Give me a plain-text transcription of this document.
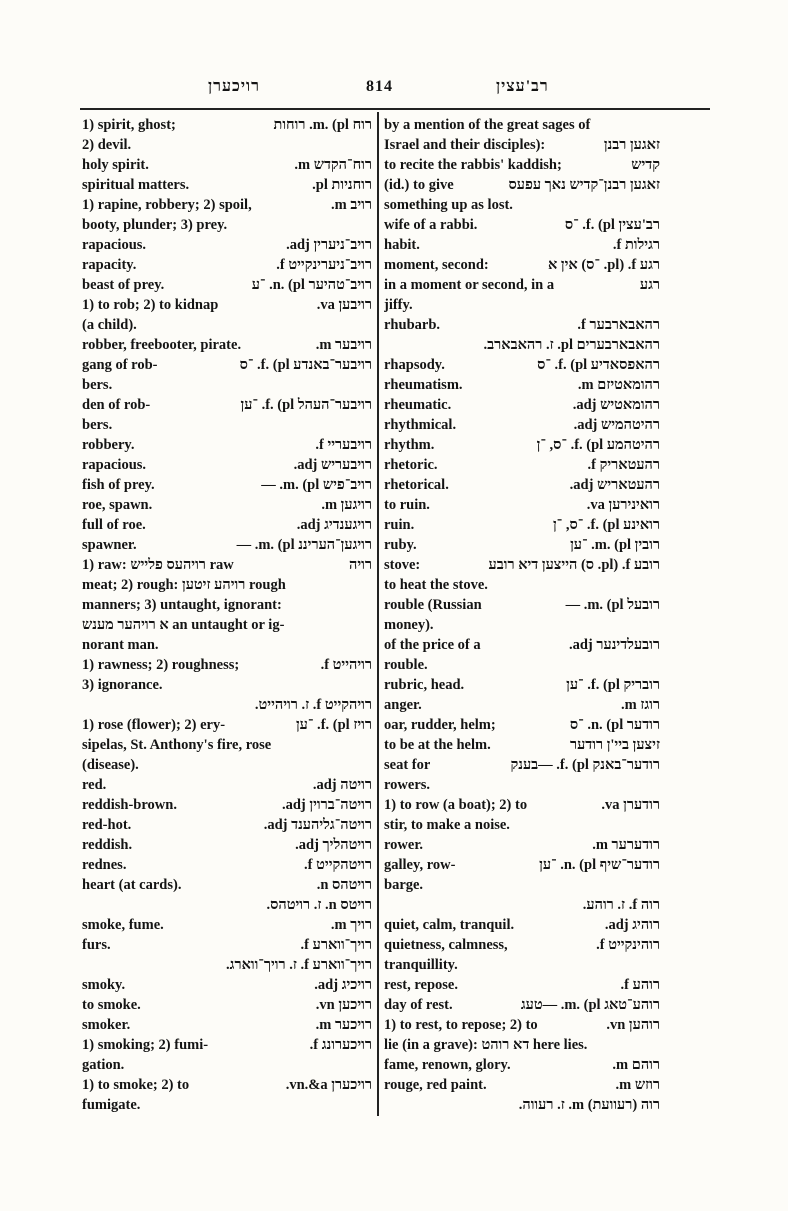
רויכערן	814	רב'עצין
1) spirit, ghost;	רוח m. (pl. רוחות
2) devil.
holy spirit.	רוח־הקדש m.
spiritual matters.	רוחניות pl.
1) rapine, robbery; 2) spoil,	רויב m.
booty, plunder; 3) prey.
rapacious.	רויב־ניערין adj.
rapacity.	רויב־ניערינקייט f.
beast of prey.	רויב־טהיער n. (pl. ־ע
1) to rob; 2) to kidnap	רויבען va.
(a child).
robber, freebooter, pirate.	רויבער m.
gang of rob-	רויבער־באנדע f. (pl. ־ס
bers.
den of rob-	רויבער־העהל f. (pl. ־ען
bers.
robbery.	רויבעריי f.
rapacious.	רויבעריש adj.
fish of prey.	רויב־פיש m. (pl. —
roe, spawn.	רויגען m.
full of roe.	רויגענדיג adj.
spawner.	רויגען־העריננ m. (pl. —
1) raw: רויהעס פלייש raw	רויה
meat; 2) rough: רויהע זיטען rough
manners; 3) untaught, ignorant:
א רויהער מענש an untaught or ig-
norant man.
1) rawness; 2) roughness;	רויהייט f.
3) ignorance.
רויהקייט f. ז. רויהייט.
1) rose (flower); 2) ery-	רויז f. (pl. ־ען
sipelas, St. Anthony's fire, rose
(disease).
red.	רויטה adj.
reddish-brown.	רויטה־ברוין adj.
red-hot.	רויטה־גליהענד adj.
reddish.	רויטהליך adj.
rednes.	רויטהקייט f.
heart (at cards).	רויטהס n.
רויטס n. ז. רויטהס.
smoke, fume.	רויך m.
furs.	רויך־ווארע f.
רויך־ווארע f. ז. רויך־ווארג.
smoky.	רויכיג adj.
to smoke.	רויכען vn.
smoker.	רויכער m.
1) smoking; 2) fumi-	רויכערונג f.
gation.
1) to smoke; 2) to	רויכערן vn.&a.
fumigate.
by a mention of the great sages of
Israel and their disciples):	זאגען רבנן
to recite the rabbis' kaddish;	קדיש
(id.) to give	זאגען רבנן־קדיש נאך עפעס
something up as lost.
wife of a rabbi.	רב'עצין f. (pl. ־ס
habit.	רגילות f.
moment, second:	רגע f. (pl. ־ס) אין א
in a moment or second, in a	רגע
jiffy.
rhubarb.	רהאבארבער f.
רהאבארבערים pl. ז. רהאבארב.
rhapsody.	רהאפסאדיע f. (pl. ־ס
rheumatism.	רהומאטיזם m.
rheumatic.	רהומאטיש adj.
rhythmical.	רהיטהמיש adj.
rhythm.	רהיטהמע f. (pl. ־ס, ־ן
rhetoric.	רהעטאריק f.
rhetorical.	רהעטאריש adj.
to ruin.	רואינירען va.
ruin.	רואינע f. (pl. ־ס, ־ן
ruby.	רובין m. (pl. ־ען
stove:	רובע f. (pl. ס) הייצען דיא רובע
to heat the stove.
rouble (Russian	רובעל m. (pl. —
money).
of the price of a	רובעלדינער adj.
rouble.
rubric, head.	רובריק f. (pl. ־ען
anger.	רוגז m.
oar, rudder, helm;	רודער n. (pl. ־ס
to be at the helm.	זיצען ביי'ן רודער
seat for	רודער־באנק f. (pl. —בענק
rowers.
1) to row (a boat); 2) to	רודערן va.
stir, to make a noise.
rower.	רודערער m.
galley, row-	רודער־שיף n. (pl. ־ען
barge.
רוה f. ז. רוהע.
quiet, calm, tranquil.	רוהיג adj.
quietness, calmness,	רוהינקייט f.
tranquillity.
rest, repose.	רוהע f.
day of rest.	רוהע־טאג m. (pl. —טעג
1) to rest, to repose; 2) to	רוהען vn.
lie (in a grave): דא רוהט here lies.
fame, renown, glory.	רוהם m.
rouge, red paint.	רוזש m.
רוה (רעוועת) m. ז. רעווה.
